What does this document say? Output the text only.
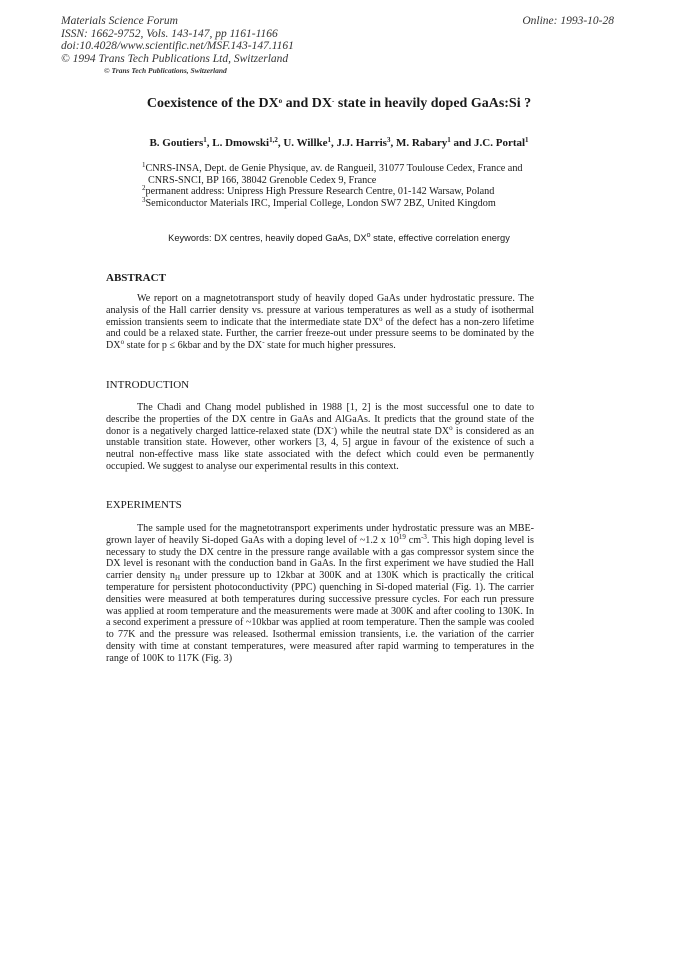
Materials Science Forum
ISSN: 1662-9752, Vols. 143-147, pp 1161-1166
doi:10.4028/www.scientific.net/MSF.143-147.1161
© 1994 Trans Tech Publications Ltd, Switzerland
Online: 1993-10-28
© Trans Tech Publications, Switzerland
Coexistence of the $DX^o$ and DX- state in heavily doped GaAs:Si ?
B. Goutiers$^1$, L. Dmowski$^{1,2}$, U. Willke$^1$, J.J. Harris$^3$, M. Rabary$^1$ and J.C. Portal$^1$
$^1$CNRS-INSA, Dept. de Genie Physique, av. de Rangueil, 31077 Toulouse Cedex, France and
CNRS-SNCI, BP 166, 38042 Grenoble Cedex 9, France
$^2$permanent address: Unipress High Pressure Research Centre, 01-142 Warsaw, Poland
$^3$Semiconductor Materials IRC, Imperial College, London SW7 2BZ, United Kingdom
Keywords: DX centres, heavily doped GaAs, $DX^o$ state, effective correlation energy
ABSTRACT

We report on a magnetotransport study of heavily doped GaAs under hydrostatic pressure. The analysis of the Hall carrier density vs. pressure at various temperatures as well as a study of isothermal emission transients seem to indicate that the intermediate state $DX^o$ of the defect has a non-zero lifetime and could be a relaxed state. Further, the carrier freeze-out under pressure seems to be dominated by the $DX^o$ state for p ≤ 6kbar and by the DX- state for much higher pressures.

INTRODUCTION

The Chadi and Chang model published in 1988 [1, 2] is the most successful one to date to describe the properties of the DX centre in GaAs and AlGaAs. It predicts that the ground state of the donor is a negatively charged lattice-relaxed state (DX-) while the neutral state $DX^o$ is considered as an unstable transition state. However, other workers [3, 4, 5] argue in favour of the existence of such a neutral non-effective mass like state associated with the defect which could even be permanently occupied. We suggest to analyse our experimental results in this context.

EXPERIMENTS

The sample used for the magnetotransport experiments under hydrostatic pressure was an MBE-grown layer of heavily Si-doped GaAs with a doping level of ~1.2 x $10^{19}$ $cm^{-3}$. This high doping level is necessary to study the DX centre in the pressure range available with a gas compressor system since the DX level is resonant with the conduction band in GaAs. In the first experiment we have studied the Hall carrier density $n_H$ under pressure up to 12kbar at 300K and at 130K which is practically the critical temperature for persistent photoconductivity (PPC) quenching in Si-doped material (Fig. 1). The carrier densities were measured at both temperatures during successive pressure cycles. For each run pressure was applied at room temperature and the measurements were made at 300K and after cooling to 130K. In a second experiment a pressure of ~10kbar was applied at room temperature. Then the sample was cooled to 77K and the pressure was released. Isothermal emission transients, i.e. the variation of the carrier density with time at constant temperatures, were measured after rapid warming to temperatures in the range of 100K to 117K (Fig. 3)
